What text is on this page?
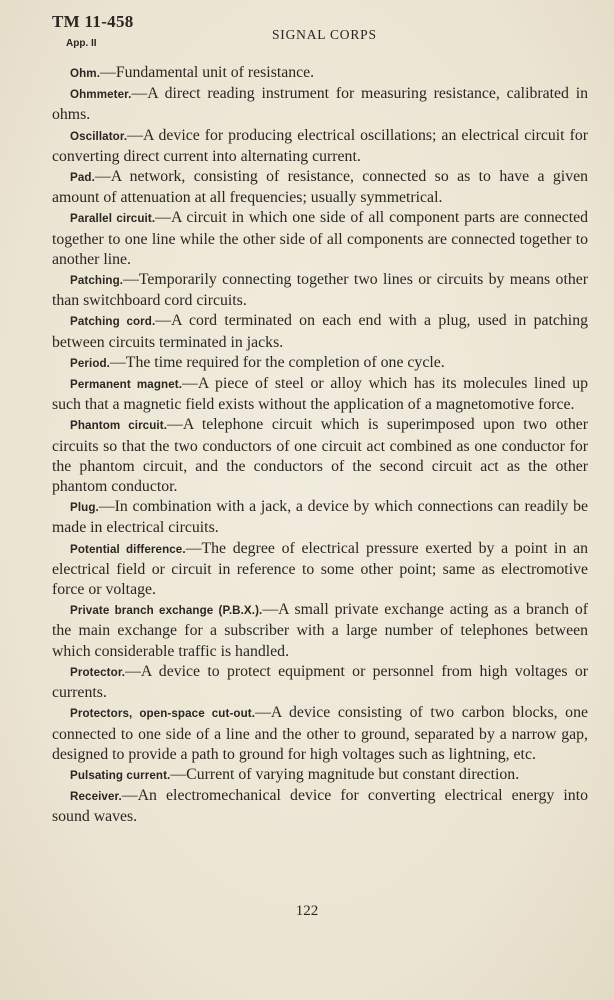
TM 11-458
App. II
SIGNAL CORPS

Ohm.—Fundamental unit of resistance.

Ohmmeter.—A direct reading instrument for measuring resistance, calibrated in ohms.

Oscillator.—A device for producing electrical oscillations; an electrical circuit for converting direct current into alternating current.

Pad.—A network, consisting of resistance, connected so as to have a given amount of attenuation at all frequencies; usually symmetrical.

Parallel circuit.—A circuit in which one side of all component parts are connected together to one line while the other side of all components are connected together to another line.

Patching.—Temporarily connecting together two lines or circuits by means other than switchboard cord circuits.

Patching cord.—A cord terminated on each end with a plug, used in patching between circuits terminated in jacks.

Period.—The time required for the completion of one cycle.

Permanent magnet.—A piece of steel or alloy which has its molecules lined up such that a magnetic field exists without the application of a magnetomotive force.

Phantom circuit.—A telephone circuit which is superimposed upon two other circuits so that the two conductors of one circuit act combined as one conductor for the phantom circuit, and the conductors of the second circuit act as the other phantom conductor.

Plug.—In combination with a jack, a device by which connections can readily be made in electrical circuits.

Potential difference.—The degree of electrical pressure exerted by a point in an electrical field or circuit in reference to some other point; same as electromotive force or voltage.

Private branch exchange (P.B.X.).—A small private exchange acting as a branch of the main exchange for a subscriber with a large number of telephones between which considerable traffic is handled.

Protector.—A device to protect equipment or personnel from high voltages or currents.

Protectors, open-space cut-out.—A device consisting of two carbon blocks, one connected to one side of a line and the other to ground, separated by a narrow gap, designed to provide a path to ground for high voltages such as lightning, etc.

Pulsating current.—Current of varying magnitude but constant direction.

Receiver.—An electromechanical device for converting electrical energy into sound waves.

122
